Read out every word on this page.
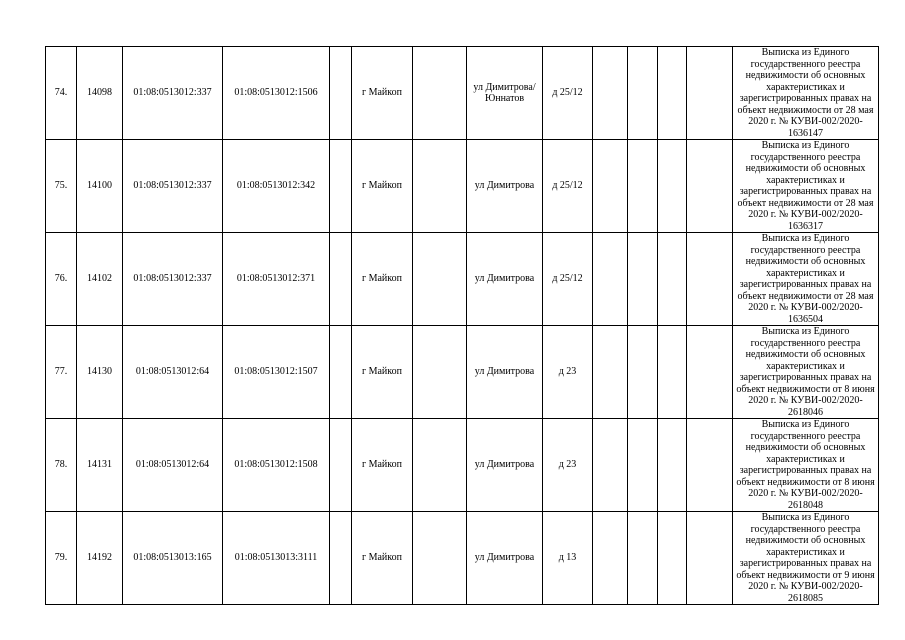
74.	14098	01:08:0513012:337	01:08:0513012:1506		г Майкоп		ул Димитрова/ Юннатов	д 25/12					Выписка из Единого государственного реестра недвижимости об основных характеристиках и зарегистрированных правах на объект недвижимости от 28 мая 2020 г. № КУВИ-002/2020-1636147
75.	14100	01:08:0513012:337	01:08:0513012:342		г Майкоп		ул Димитрова	д 25/12					Выписка из Единого государственного реестра недвижимости об основных характеристиках и зарегистрированных правах на объект недвижимости от 28 мая 2020 г. № КУВИ-002/2020-1636317
76.	14102	01:08:0513012:337	01:08:0513012:371		г Майкоп		ул Димитрова	д 25/12					Выписка из Единого государственного реестра недвижимости об основных характеристиках и зарегистрированных правах на объект недвижимости от 28 мая 2020 г. № КУВИ-002/2020-1636504
77.	14130	01:08:0513012:64	01:08:0513012:1507		г Майкоп		ул Димитрова	д 23					Выписка из Единого государственного реестра недвижимости об основных характеристиках и зарегистрированных правах на объект недвижимости от 8 июня 2020 г. № КУВИ-002/2020-2618046
78.	14131	01:08:0513012:64	01:08:0513012:1508		г Майкоп		ул Димитрова	д 23					Выписка из Единого государственного реестра недвижимости об основных характеристиках и зарегистрированных правах на объект недвижимости от 8 июня 2020 г. № КУВИ-002/2020-2618048
79.	14192	01:08:0513013:165	01:08:0513013:3111		г Майкоп		ул Димитрова	д 13					Выписка из Единого государственного реестра недвижимости об основных характеристиках и зарегистрированных правах на объект недвижимости от 9 июня 2020 г. № КУВИ-002/2020-2618085
